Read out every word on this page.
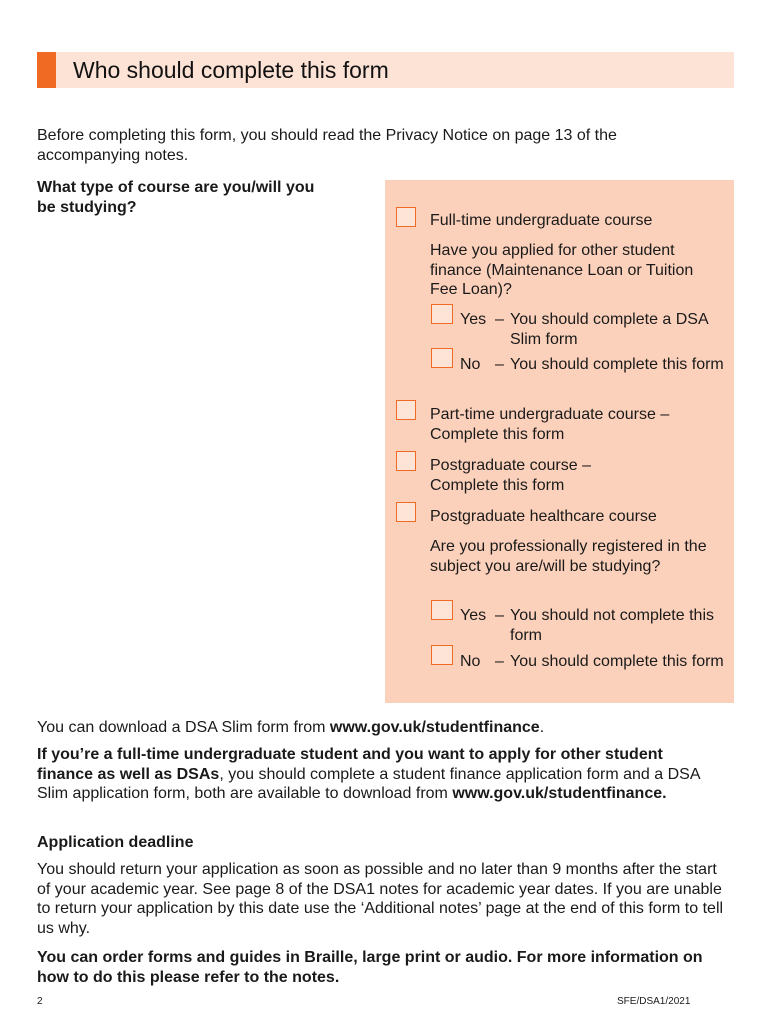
Who should complete this form

Before completing this form, you should read the Privacy Notice on page 13 of the accompanying notes.

What type of course are you/will you be studying?

Full-time undergraduate course

Have you applied for other student finance (Maintenance Loan or Tuition Fee Loan)?

Yes – You should complete a DSA Slim form
No – You should complete this form

Part-time undergraduate course – Complete this form

Postgraduate course – Complete this form

Postgraduate healthcare course

Are you professionally registered in the subject you are/will be studying?

Yes – You should not complete this form
No – You should complete this form

You can download a DSA Slim form from www.gov.uk/studentfinance.

If you’re a full-time undergraduate student and you want to apply for other student finance as well as DSAs, you should complete a student finance application form and a DSA Slim application form, both are available to download from www.gov.uk/studentfinance.

Application deadline

You should return your application as soon as possible and no later than 9 months after the start of your academic year. See page 8 of the DSA1 notes for academic year dates. If you are unable to return your application by this date use the ‘Additional notes’ page at the end of this form to tell us why.

You can order forms and guides in Braille, large print or audio. For more information on how to do this please refer to the notes.

2	SFE/DSA1/2021
